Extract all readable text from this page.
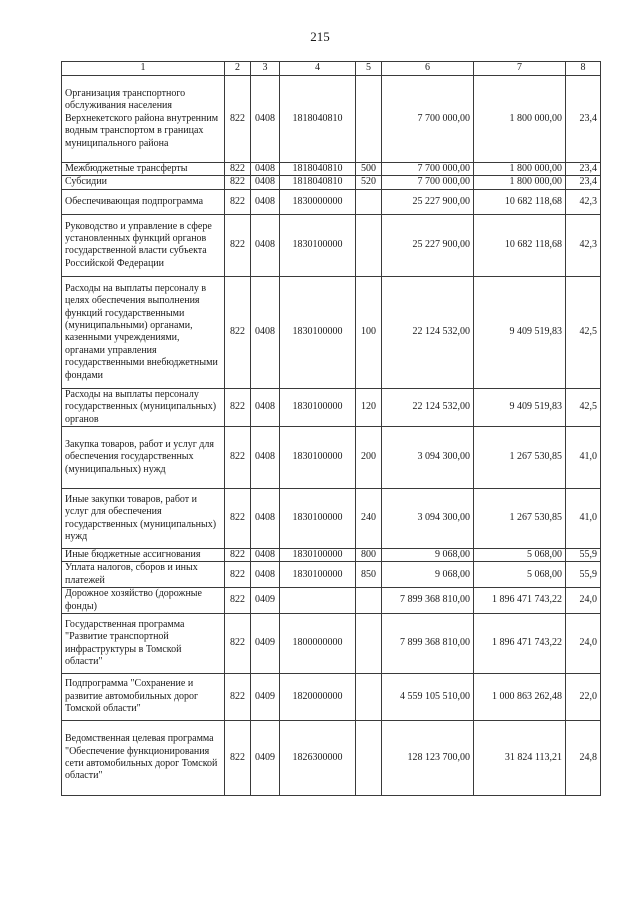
215
1	2	3	4	5	6	7	8
Организация транспортного обслуживания населения Верхнекетского района внутренним водным транспортом в границах муниципального района	822	0408	1818040810		7 700 000,00	1 800 000,00	23,4
Межбюджетные трансферты	822	0408	1818040810	500	7 700 000,00	1 800 000,00	23,4
Субсидии	822	0408	1818040810	520	7 700 000,00	1 800 000,00	23,4
Обеспечивающая подпрограмма	822	0408	1830000000		25 227 900,00	10 682 118,68	42,3
Руководство и управление в сфере установленных функций органов государственной власти субъекта Российской Федерации	822	0408	1830100000		25 227 900,00	10 682 118,68	42,3
Расходы на выплаты персоналу в целях обеспечения выполнения функций государственными (муниципальными) органами, казенными учреждениями, органами управления государственными внебюджетными фондами	822	0408	1830100000	100	22 124 532,00	9 409 519,83	42,5
Расходы на выплаты персоналу государственных (муниципальных) органов	822	0408	1830100000	120	22 124 532,00	9 409 519,83	42,5
Закупка товаров, работ и услуг для обеспечения государственных (муниципальных) нужд	822	0408	1830100000	200	3 094 300,00	1 267 530,85	41,0
Иные закупки товаров, работ и услуг для обеспечения государственных (муниципальных) нужд	822	0408	1830100000	240	3 094 300,00	1 267 530,85	41,0
Иные бюджетные ассигнования	822	0408	1830100000	800	9 068,00	5 068,00	55,9
Уплата налогов, сборов и иных платежей	822	0408	1830100000	850	9 068,00	5 068,00	55,9
Дорожное хозяйство (дорожные фонды)	822	0409			7 899 368 810,00	1 896 471 743,22	24,0
Государственная программа "Развитие транспортной инфраструктуры в Томской области"	822	0409	1800000000		7 899 368 810,00	1 896 471 743,22	24,0
Подпрограмма "Сохранение и развитие автомобильных дорог Томской области"	822	0409	1820000000		4 559 105 510,00	1 000 863 262,48	22,0
Ведомственная целевая программа "Обеспечение функционирования сети автомобильных дорог Томской области"	822	0409	1826300000		128 123 700,00	31 824 113,21	24,8
